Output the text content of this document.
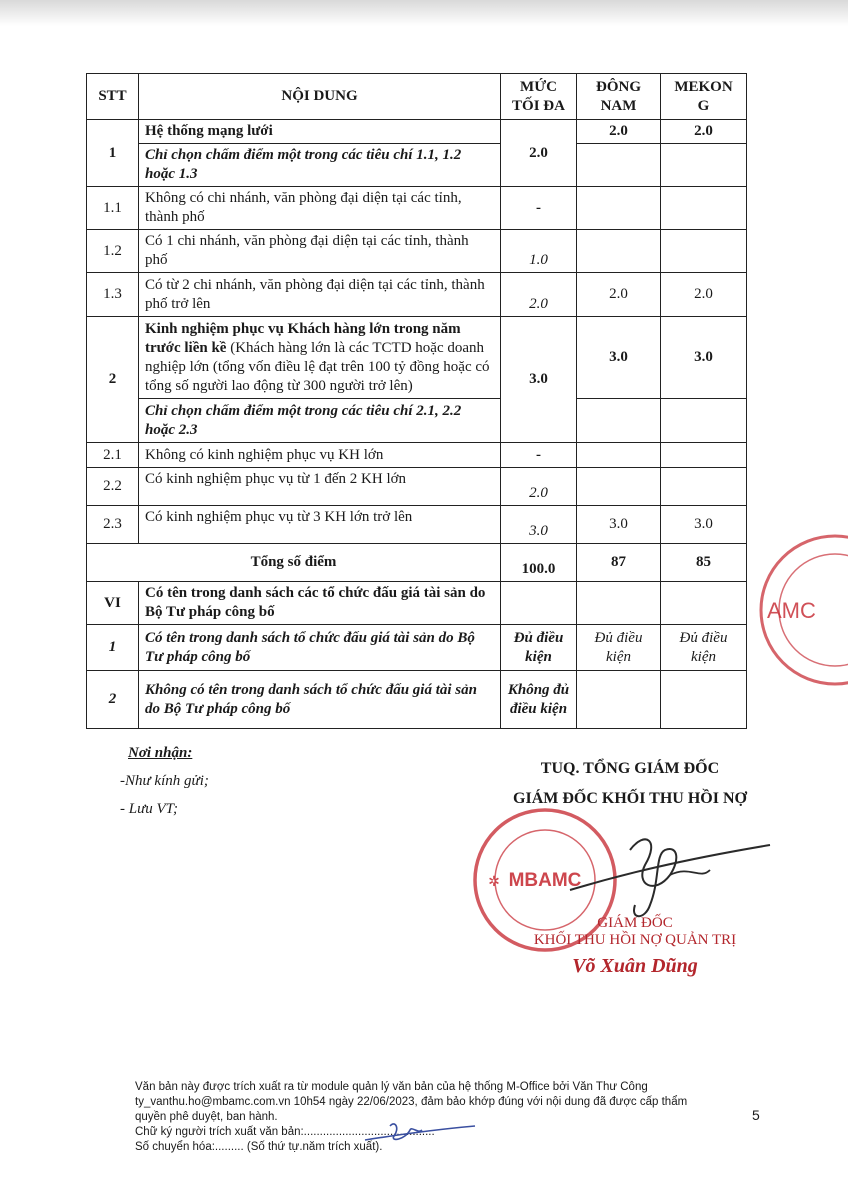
STT	NỘI DUNG	MỨC TỐI ĐA	ĐÔNG NAM	MEKON G
1	Hệ thống mạng lưới	2.0	2.0	2.0
	Chỉ chọn chấm điểm một trong các tiêu chí 1.1, 1.2 hoặc 1.3			
1.1	Không có chi nhánh, văn phòng đại diện tại các tỉnh, thành phố	-		
1.2	Có 1 chi nhánh, văn phòng đại diện tại các tỉnh, thành phố	1.0		
1.3	Có từ 2 chi nhánh, văn phòng đại diện tại các tỉnh, thành phố trở lên	2.0	2.0	2.0
2	Kinh nghiệm phục vụ Khách hàng lớn trong năm trước liền kề (Khách hàng lớn là các TCTD hoặc doanh nghiệp lớn (tổng vốn điều lệ đạt trên 100 tỷ đồng hoặc có tổng số người lao động từ 300 người trở lên)	3.0	3.0	3.0
	Chỉ chọn chấm điểm một trong các tiêu chí 2.1, 2.2 hoặc 2.3			
2.1	Không có kinh nghiệm phục vụ KH lớn	-		
2.2	Có kinh nghiệm phục vụ từ 1 đến 2 KH lớn	2.0		
2.3	Có kinh nghiệm phục vụ từ 3 KH lớn trở lên	3.0	3.0	3.0
Tổng số điểm		100.0	87	85
VI	Có tên trong danh sách các tổ chức đấu giá tài sản do Bộ Tư pháp công bố			
1	Có tên trong danh sách tổ chức đấu giá tài sản do Bộ Tư pháp công bố	Đủ điều kiện	Đủ điều kiện	Đủ điều kiện
2	Không có tên trong danh sách tổ chức đấu giá tài sản do Bộ Tư pháp công bố	Không đủ điều kiện		
AMC
Nơi nhận:
-Như kính gửi;
- Lưu VT;
TUQ. TỔNG GIÁM ĐỐC
GIÁM ĐỐC KHỐI THU HỒI NỢ
MBAMC
✲
GIÁM ĐỐC
KHỐI THU HỒI NỢ QUẢN TRỊ
Võ Xuân Dũng
Văn bản này được trích xuất ra từ module quản lý văn bản của hệ thống M-Office bởi Văn Thư Công
ty_vanthu.ho@mbamc.com.vn 10h54 ngày 22/06/2023, đảm bảo khớp đúng với nội dung đã được cấp thẩm
quyền phê duyệt, ban hành.
Chữ ký người trích xuất văn bản:.........................................
Số chuyển hóa:......... (Số thứ tự.năm trích xuất).
5
